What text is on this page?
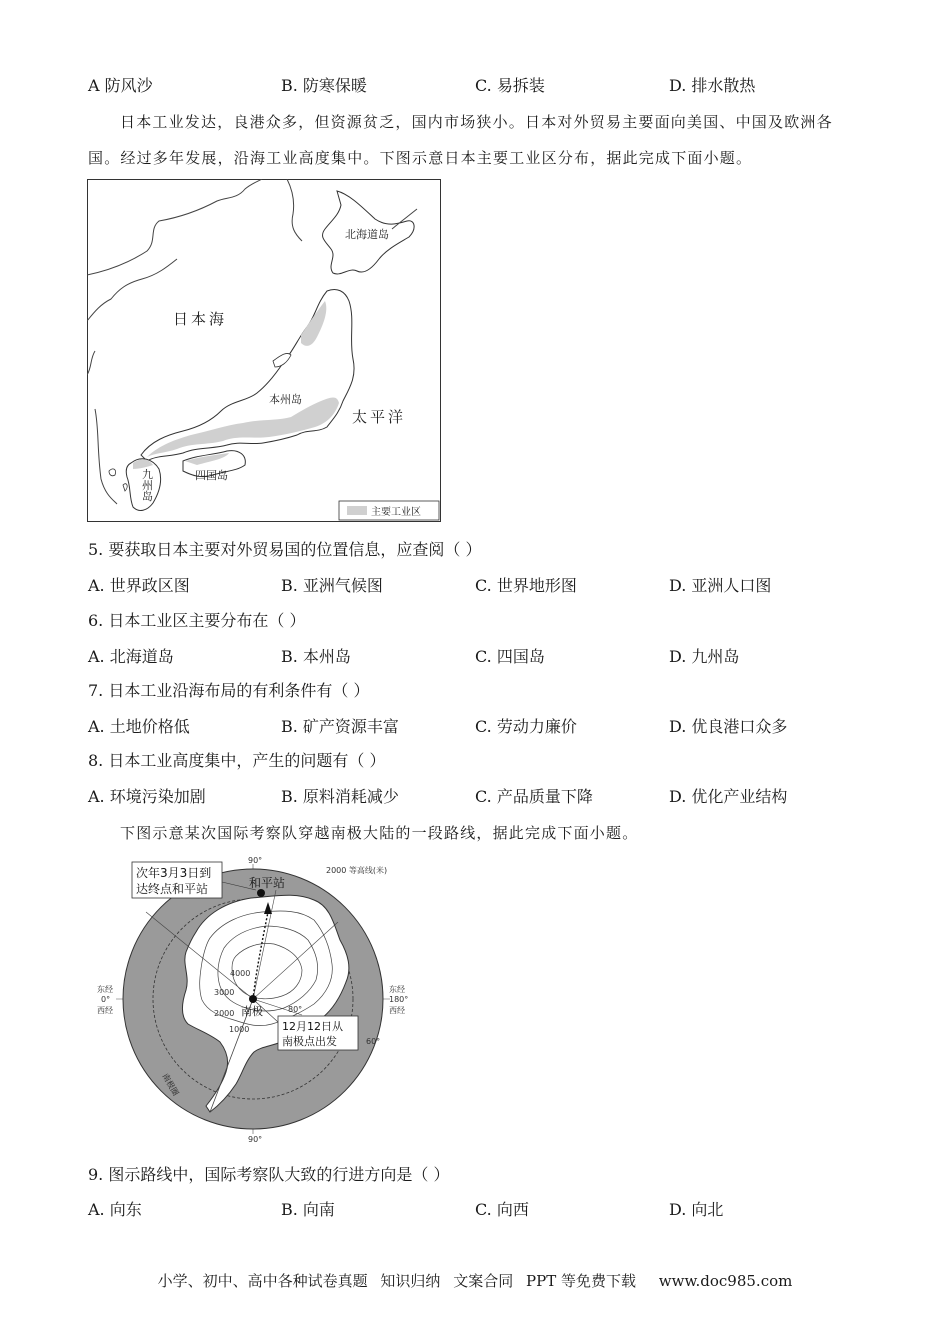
A 防风沙	B. 防寒保暖	C. 易拆装	D. 排水散热
日本工业发达，良港众多，但资源贫乏，国内市场狭小。日本对外贸易主要面向美国、中国及欧洲各
国。经过多年发展，沿海工业高度集中。下图示意日本主要工业区分布，据此完成下面小题。
主要工业区
日本海
太平洋
北海道岛
本州岛
四国岛
九
州
岛
5. 要获取日本主要对外贸易国的位置信息，应查阅（ ）
A. 世界政区图	B. 亚洲气候图	C. 世界地形图	D. 亚洲人口图
6. 日本工业区主要分布在（ ）
A. 北海道岛	B. 本州岛	C. 四国岛	D. 九州岛
7. 日本工业沿海布局的有利条件有（ ）
A. 土地价格低	B. 矿产资源丰富	C. 劳动力廉价	D. 优良港口众多
8. 日本工业高度集中，产生的问题有（ ）
A. 环境污染加剧	B. 原料消耗减少	C. 产品质量下降	D. 优化产业结构
下图示意某次国际考察队穿越南极大陆的一段路线，据此完成下面小题。
次年3月3日到
达终点和平站	和平站
2000 等高线(米)
90°
90°
东经
0°
西经
东经
180°
西经
南极
12月12日从
南极点出发
4000
3000
2000
1000
80°
60°
南极圈
9. 图示路线中，国际考察队大致的行进方向是（ ）
A. 向东	B. 向南	C. 向西	D. 向北
小学、初中、高中各种试卷真题 知识归纳 文案合同 PPT 等免费下载 www.doc985.com
